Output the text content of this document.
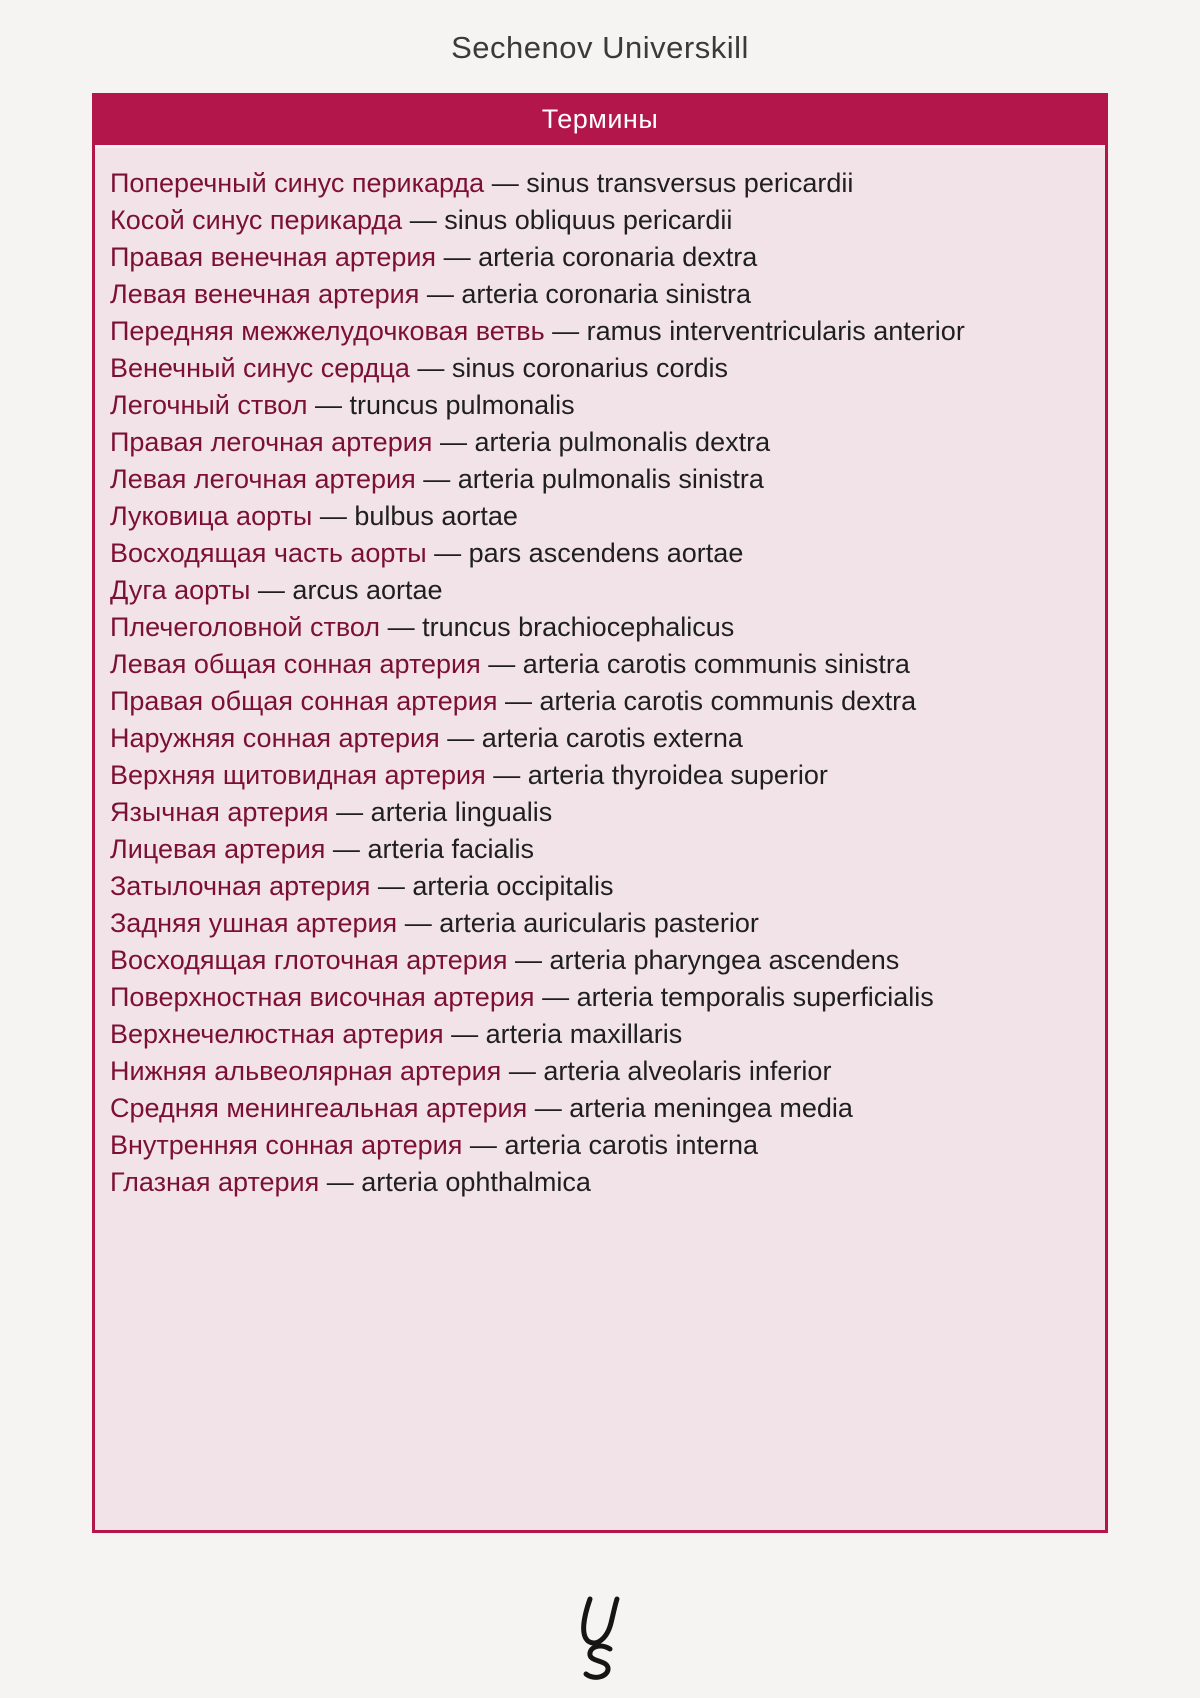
Sechenov Universkill
Термины
Поперечный синус перикарда — sinus transversus pericardii
Косой синус перикарда — sinus obliquus pericardii
Правая венечная артерия — arteria coronaria dextra
Левая венечная артерия — arteria coronaria sinistra
Передняя межжелудочковая ветвь — ramus interventricularis anterior
Венечный синус сердца — sinus coronarius cordis
Легочный ствол — truncus pulmonalis
Правая легочная артерия — arteria pulmonalis dextra
Левая легочная артерия — arteria pulmonalis sinistra
Луковица аорты — bulbus aortae
Восходящая часть аорты — pars ascendens aortae
Дуга аорты — arcus aortae
Плечеголовной ствол — truncus brachiocephalicus
Левая общая сонная артерия — arteria carotis communis sinistra
Правая общая сонная артерия — arteria carotis communis dextra
Наружняя сонная артерия — arteria carotis externa
Верхняя щитовидная артерия — arteria thyroidea superior
Язычная артерия — arteria lingualis
Лицевая артерия — arteria facialis
Затылочная артерия — arteria occipitalis
Задняя ушная артерия — arteria auricularis pasterior
Восходящая глоточная артерия — arteria pharyngea ascendens
Поверхностная височная артерия — arteria temporalis superficialis
Верхнечелюстная артерия — arteria maxillaris
Нижняя альвеолярная артерия — arteria alveolaris inferior
Средняя менингеальная артерия — arteria meningea media
Внутренняя сонная артерия — arteria carotis interna
Глазная артерия — arteria ophthalmica
